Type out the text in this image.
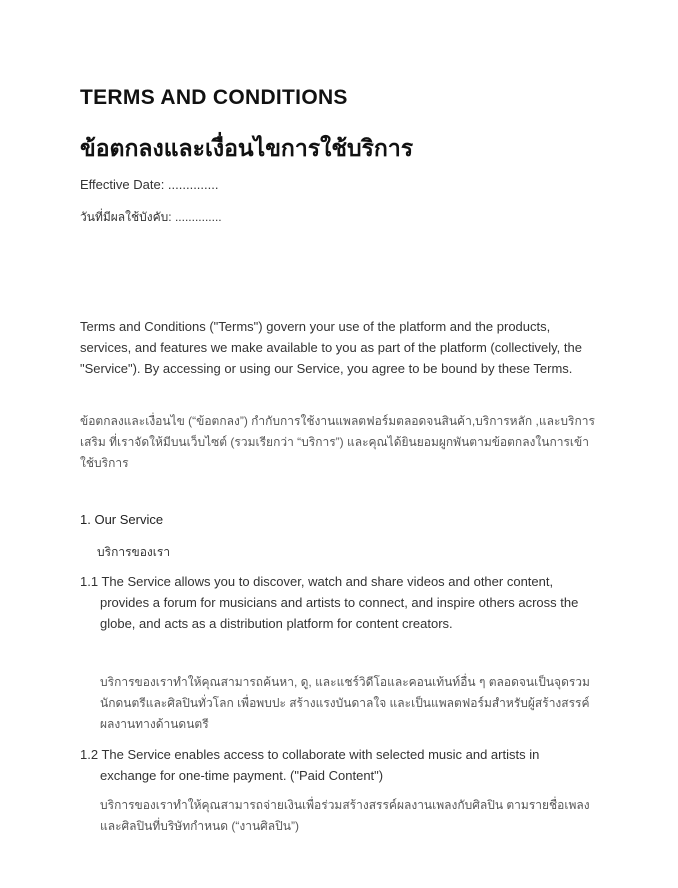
TERMS AND CONDITIONS
ข้อตกลงและเงื่อนไขการใช้บริการ
Effective Date: ..............
วันที่มีผลใช้บังคับ: ..............
Terms and Conditions ("Terms") govern your use of the platform and the products, services, and features we make available to you as part of the platform (collectively, the "Service"). By accessing or using our Service, you agree to be bound by these Terms.
ข้อตกลงและเงื่อนไข (“ข้อตกลง”) กำกับการใช้งานแพลตฟอร์มตลอดจนสินค้า,บริการหลัก ,และบริการเสริม ที่เราจัดให้มีบนเว็บไซต์ (รวมเรียกว่า “บริการ”) และคุณได้ยินยอมผูกพันตามข้อตกลงในการเข้าใช้บริการ
1. Our Service
บริการของเรา
1.1 The Service allows you to discover, watch and share videos and other content, provides a forum for musicians and artists to connect, and inspire others across the globe, and acts as a distribution platform for content creators.
บริการของเราทำให้คุณสามารถค้นหา, ดู, และแชร์วิดีโอและคอนเท้นท์อื่น ๆ ตลอดจนเป็นจุดรวมนักดนตรีและศิลปินทั่วโลก เพื่อพบปะ สร้างแรงบันดาลใจ และเป็นแพลตฟอร์มสำหรับผู้สร้างสรรค์ผลงานทางด้านดนตรี
1.2 The Service enables access to collaborate with selected music and artists in exchange for one-time payment. ("Paid Content")
บริการของเราทำให้คุณสามารถจ่ายเงินเพื่อร่วมสร้างสรรค์ผลงานเพลงกับศิลปิน ตามรายชื่อเพลงและศิลปินที่บริษัทกำหนด (“งานศิลปิน”)
